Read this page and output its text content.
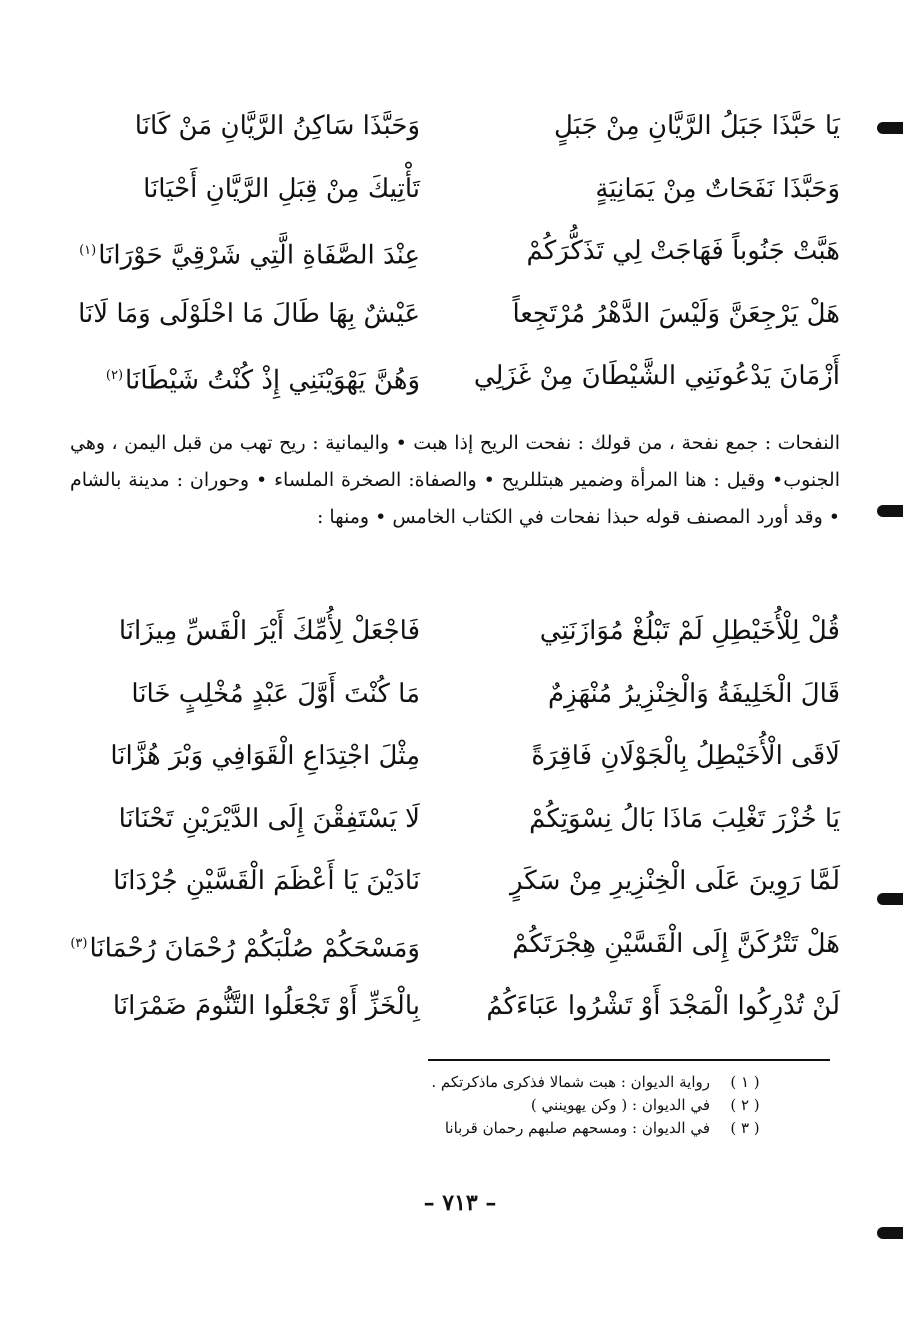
يَا حَبَّذَا جَبَلُ الرَّيَّانِ مِنْ جَبَلٍ
وَحَبَّذَا سَاكِنُ الرَّيَّانِ مَنْ كَانَا
وَحَبَّذَا نَفَحَاتٌ مِنْ يَمَانِيَةٍ
تَأْتِيكَ مِنْ قِبَلِ الرَّيَّانِ أَحْيَانَا
هَبَّتْ جَنُوباً فَهَاجَتْ لِي تَذَكُّرَكُمْ
عِنْدَ الصَّفَاةِ الَّتِي شَرْقِيَّ حَوْرَانَا$^{(١)}$
هَلْ يَرْجِعَنَّ وَلَيْسَ الدَّهْرُ مُرْتَجِعاً
عَيْشٌ بِهَا طَالَ مَا احْلَوْلَى وَمَا لَانَا
أَزْمَانَ يَدْعُونَنِي الشَّيْطَانَ مِنْ غَزَلِي
وَهُنَّ يَهْوَيْنَنِي إِذْ كُنْتُ شَيْطَانَا$^{(٢)}$
النفحات : جمع نفحة ، من قولك : نفحت الريح إذا هبت • واليمانية : ريح تهب من قبل اليمن ، وهي الجنوب• وقيل : هنا المرأة وضمير هبتللريح • والصفاة: الصخرة الملساء • وحوران : مدينة بالشام • وقد أورد المصنف قوله حبذا نفحات في الكتاب الخامس • ومنها :
قُلْ لِلْأُخَيْطِلِ لَمْ تَبْلُغْ مُوَازَنَتِي
فَاجْعَلْ لِأُمِّكَ أَيْرَ الْقَسِّ مِيزَانَا
قَالَ الْخَلِيفَةُ وَالْخِنْزِيرُ مُنْهَزِمٌ
مَا كُنْتَ أَوَّلَ عَبْدٍ مُخْلِبٍ خَانَا
لَاقَى الْأُخَيْطِلُ بِالْجَوْلَانِ فَاقِرَةً
مِثْلَ اجْتِدَاعِ الْقَوَافِي وَبْرَ هُزَّانَا
يَا خُزْرَ تَغْلِبَ مَاذَا بَالُ نِسْوَتِكُمْ
لَا يَسْتَفِقْنَ إِلَى الدَّيْرَيْنِ تَحْنَانَا
لَمَّا رَوِينَ عَلَى الْخِنْزِيرِ مِنْ سَكَرٍ
نَادَيْنَ يَا أَعْظَمَ الْقَسَّيْنِ جُرْدَانَا
هَلْ تَتْرُكَنَّ إِلَى الْقَسَّيْنِ هِجْرَتَكُمْ
وَمَسْحَكُمْ صُلْبَكُمْ رُحْمَانَ رُحْمَانَا$^{(٣)}$
لَنْ تُدْرِكُوا الْمَجْدَ أَوْ تَشْرُوا عَبَاءَكُمُ
بِالْخَزِّ أَوْ تَجْعَلُوا التَّنُّومَ ضَمْرَانَا
( ١ )رواية الديوان : هبت شمالا فذكرى ماذكرتكم .
( ٢ )في الديوان : ( وكن يهوينني )
( ٣ )في الديوان : ومسحهم صلبهم رحمان قربانا
– ٧١٣ –
